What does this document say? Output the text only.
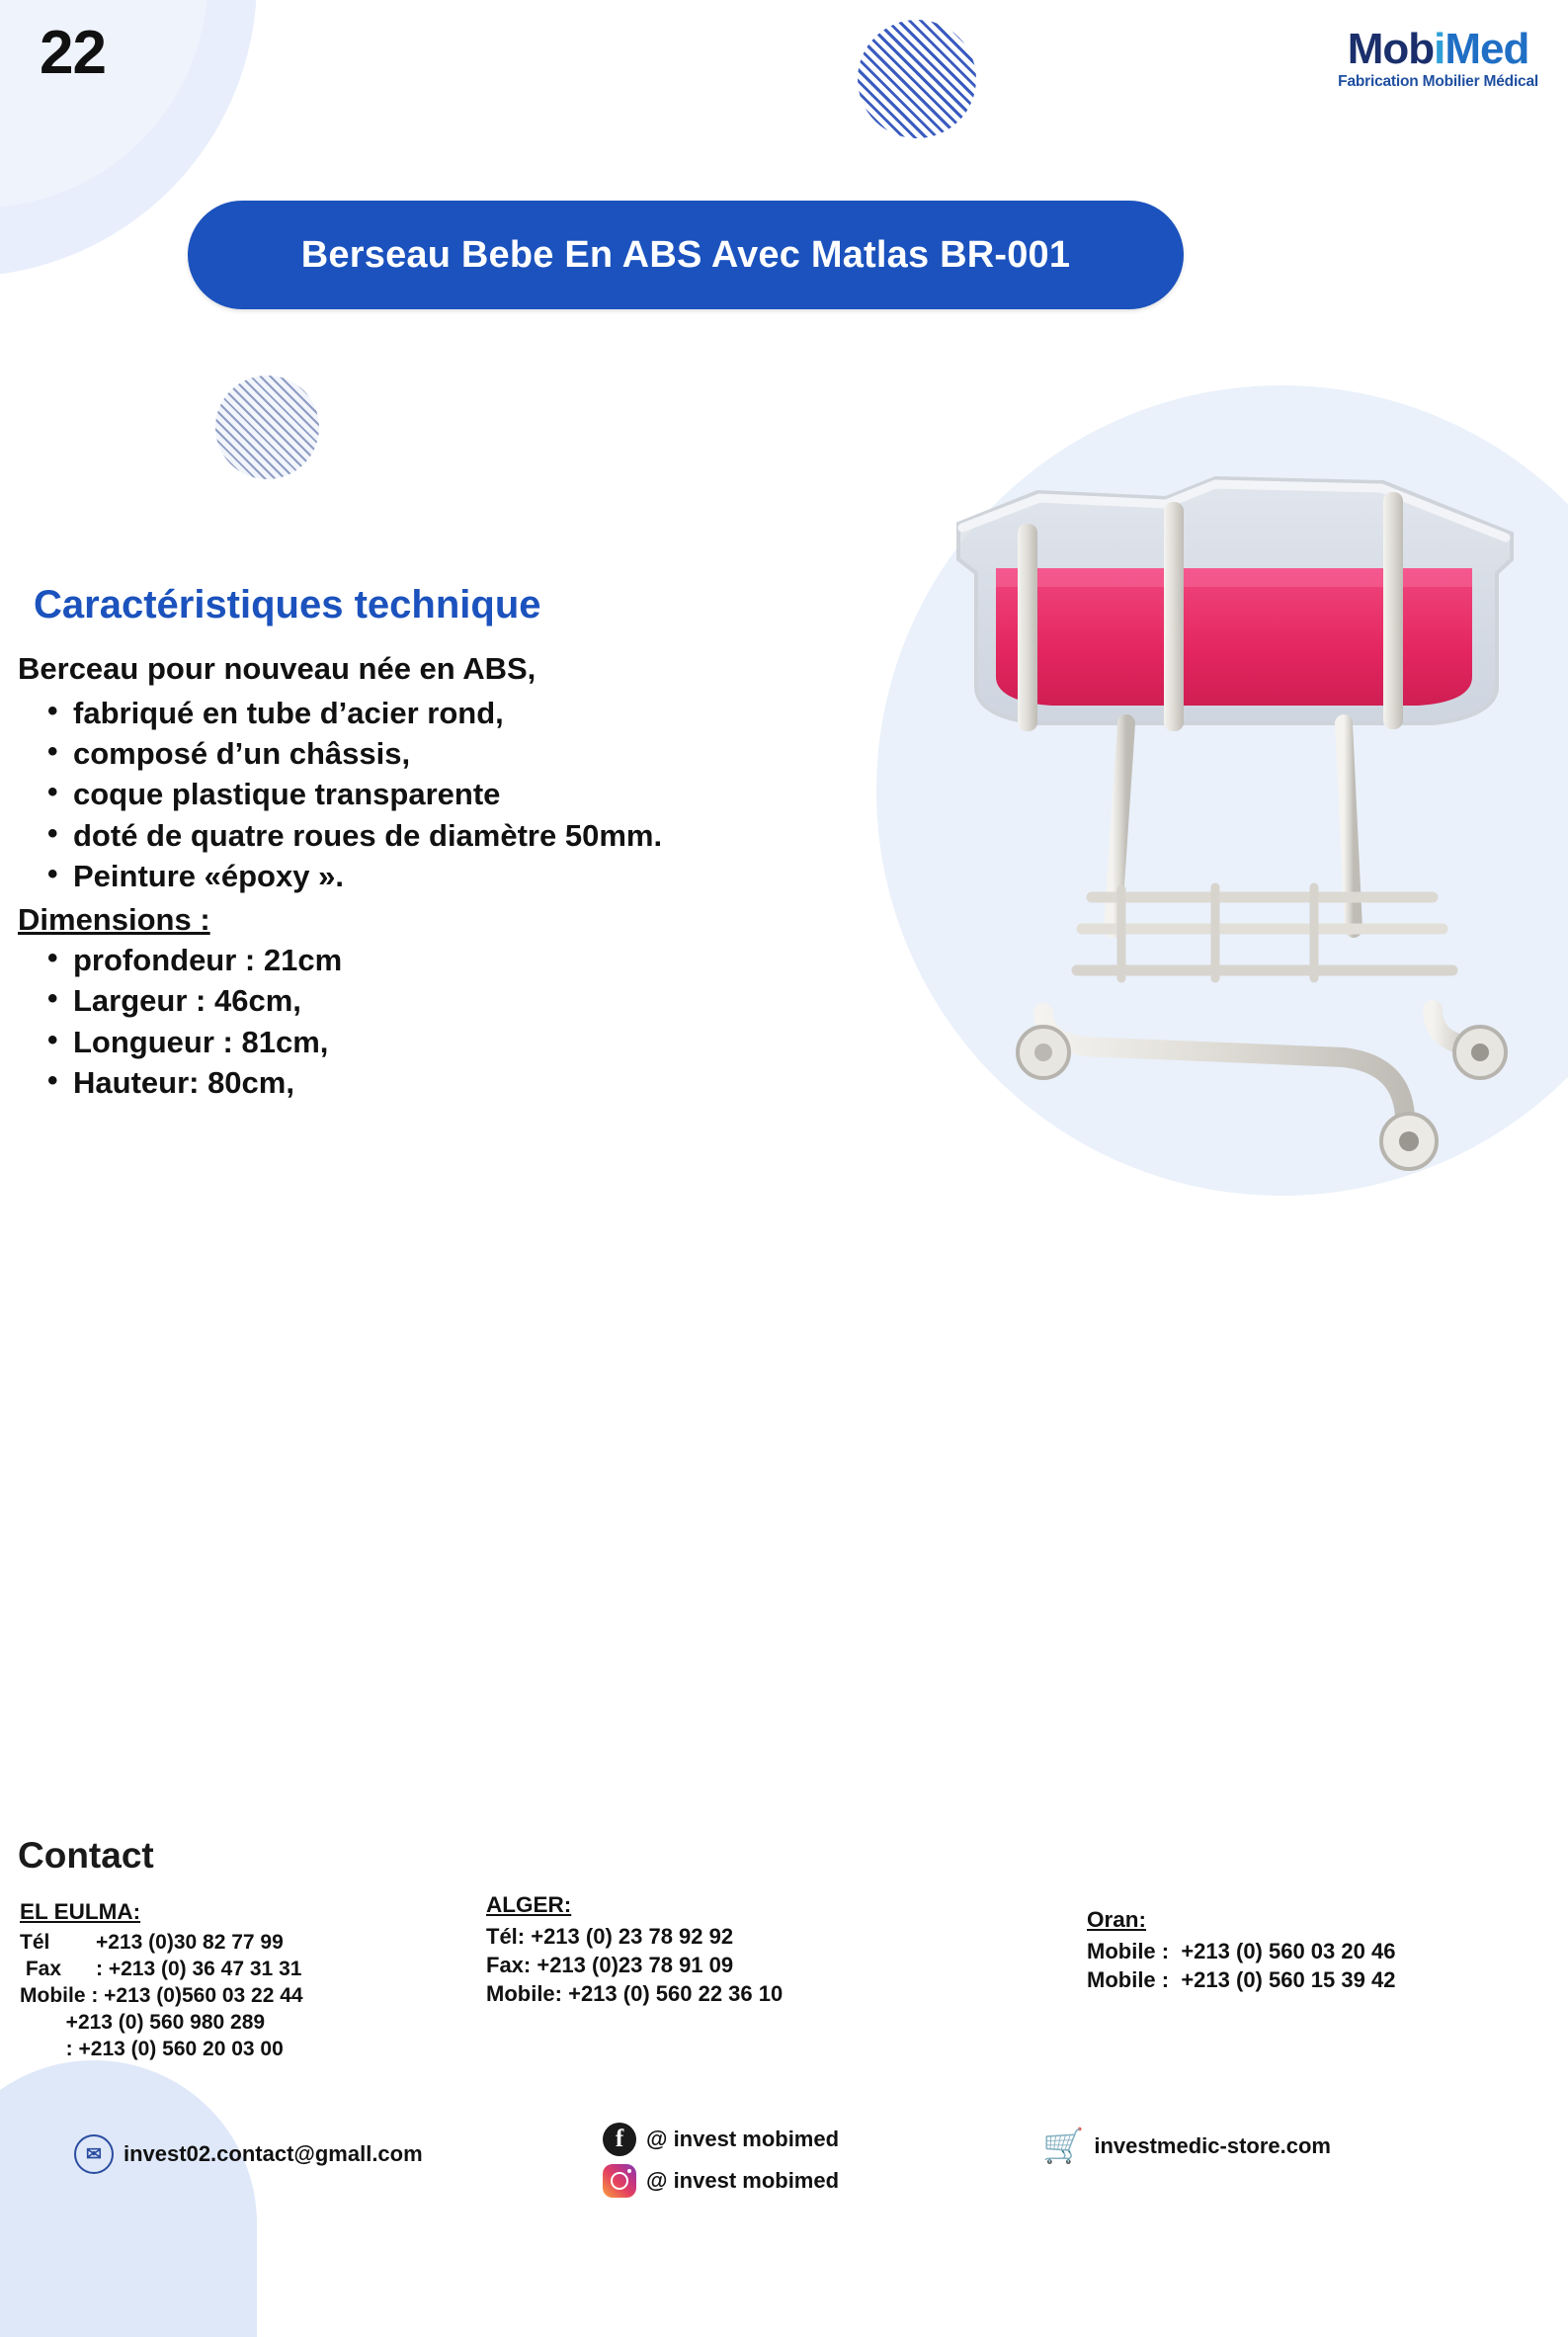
22	MobiMed
Fabrication Mobilier Médical
Berseau Bebe En ABS Avec Matlas BR-001
Caractéristiques technique

Berceau pour nouveau née en ABS,

• fabriqué en tube d’acier rond,
• composé d’un châssis,
• coque plastique transparente
• doté de quatre roues de diamètre 50mm.
• Peinture «époxy ».

Dimensions :

• profondeur : 21cm
• Largeur : 46cm,
• Longueur : 81cm,
• Hauteur: 80cm,
Contact
EL EULMA:

Tél        +213 (0)30 82 77 99

Fax      : +213 (0) 36 47 31 31

Mobile : +213 (0)560 03 22 44

+213 (0) 560 980 289

: +213 (0) 560 20 03 00

ALGER:

Tél: +213 (0) 23 78 92 92

Fax: +213 (0)23 78 91 09

Mobile: +213 (0) 560 22 36 10

Oran:

Mobile :  +213 (0) 560 03 20 46

Mobile :  +213 (0) 560 15 39 42

✉	invest02.contact@gmall.com
f	@ invest mobimed
@ invest mobimed
🛒 investmedic-store.com
